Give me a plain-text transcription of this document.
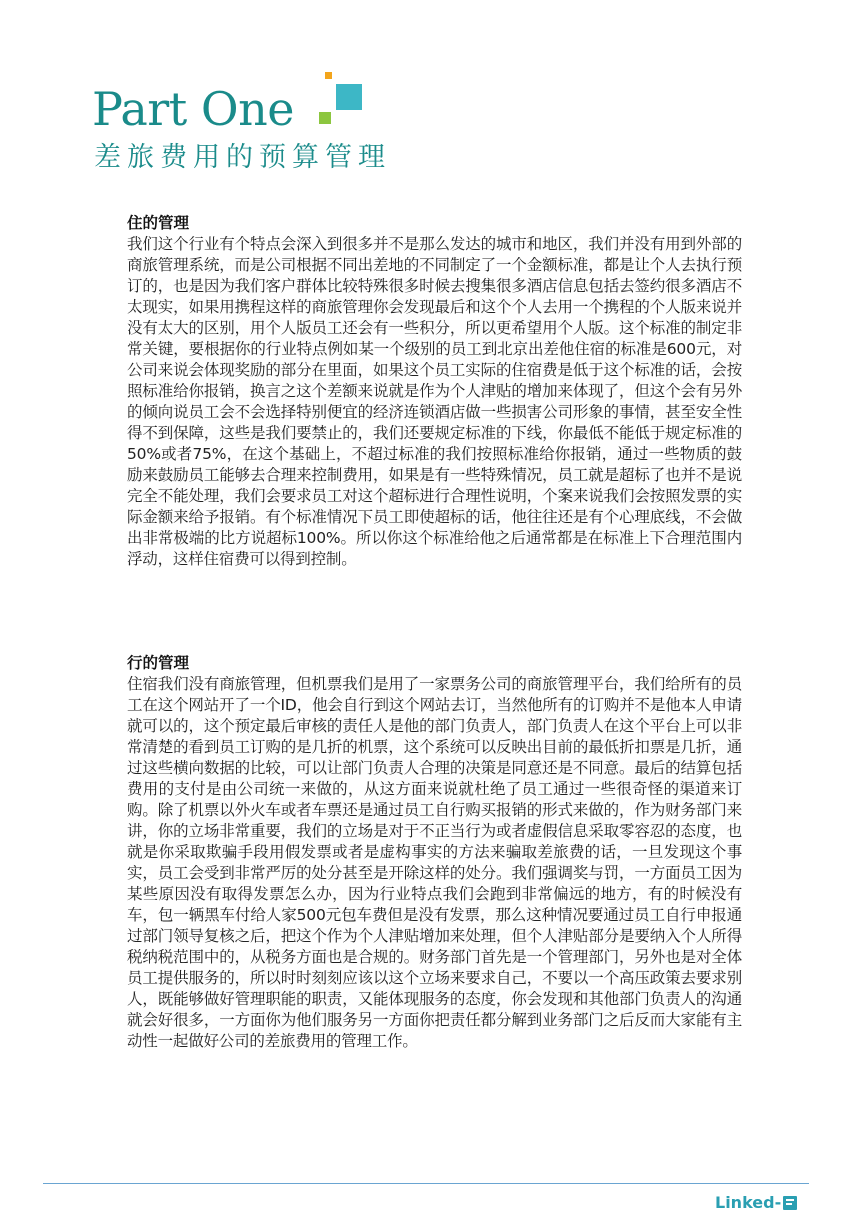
Part One
差旅费用的预算管理
住的管理

我们这个行业有个特点会深入到很多并不是那么发达的城市和地区，我们并没有用到外部的商旅管理系统，而是公司根据不同出差地的不同制定了一个金额标准，都是让个人去执行预订的，也是因为我们客户群体比较特殊很多时候去搜集很多酒店信息包括去签约很多酒店不太现实，如果用携程这样的商旅管理你会发现最后和这个个人去用一个携程的个人版来说并没有太大的区别，用个人版员工还会有一些积分，所以更希望用个人版。这个标准的制定非常关键，要根据你的行业特点例如某一个级别的员工到北京出差他住宿的标准是600元，对公司来说会体现奖励的部分在里面，如果这个员工实际的住宿费是低于这个标准的话，会按照标准给你报销，换言之这个差额来说就是作为个人津贴的增加来体现了，但这个会有另外的倾向说员工会不会选择特别便宜的经济连锁酒店做一些损害公司形象的事情，甚至安全性得不到保障，这些是我们要禁止的，我们还要规定标准的下线，你最低不能低于规定标准的50%或者75%，在这个基础上，不超过标准的我们按照标准给你报销，通过一些物质的鼓励来鼓励员工能够去合理来控制费用，如果是有一些特殊情况，员工就是超标了也并不是说完全不能处理，我们会要求员工对这个超标进行合理性说明，个案来说我们会按照发票的实际金额来给予报销。有个标准情况下员工即使超标的话，他往往还是有个心理底线，不会做出非常极端的比方说超标100%。所以你这个标准给他之后通常都是在标准上下合理范围内浮动，这样住宿费可以得到控制。

行的管理

住宿我们没有商旅管理，但机票我们是用了一家票务公司的商旅管理平台，我们给所有的员工在这个网站开了一个ID，他会自行到这个网站去订，当然他所有的订购并不是他本人申请就可以的，这个预定最后审核的责任人是他的部门负责人，部门负责人在这个平台上可以非常清楚的看到员工订购的是几折的机票，这个系统可以反映出目前的最低折扣票是几折，通过这些横向数据的比较，可以让部门负责人合理的决策是同意还是不同意。最后的结算包括费用的支付是由公司统一来做的，从这方面来说就杜绝了员工通过一些很奇怪的渠道来订购。除了机票以外火车或者车票还是通过员工自行购买报销的形式来做的，作为财务部门来讲，你的立场非常重要，我们的立场是对于不正当行为或者虚假信息采取零容忍的态度，也就是你采取欺骗手段用假发票或者是虚构事实的方法来骗取差旅费的话，一旦发现这个事实，员工会受到非常严厉的处分甚至是开除这样的处分。我们强调奖与罚，一方面员工因为某些原因没有取得发票怎么办，因为行业特点我们会跑到非常偏远的地方，有的时候没有车，包一辆黑车付给人家500元包车费但是没有发票，那么这种情况要通过员工自行申报通过部门领导复核之后，把这个作为个人津贴增加来处理，但个人津贴部分是要纳入个人所得税纳税范围中的，从税务方面也是合规的。财务部门首先是一个管理部门，另外也是对全体员工提供服务的，所以时时刻刻应该以这个立场来要求自己，不要以一个高压政策去要求别人，既能够做好管理职能的职责，又能体现服务的态度，你会发现和其他部门负责人的沟通就会好很多，一方面你为他们服务另一方面你把责任都分解到业务部门之后反而大家能有主动性一起做好公司的差旅费用的管理工作。

Linked-
